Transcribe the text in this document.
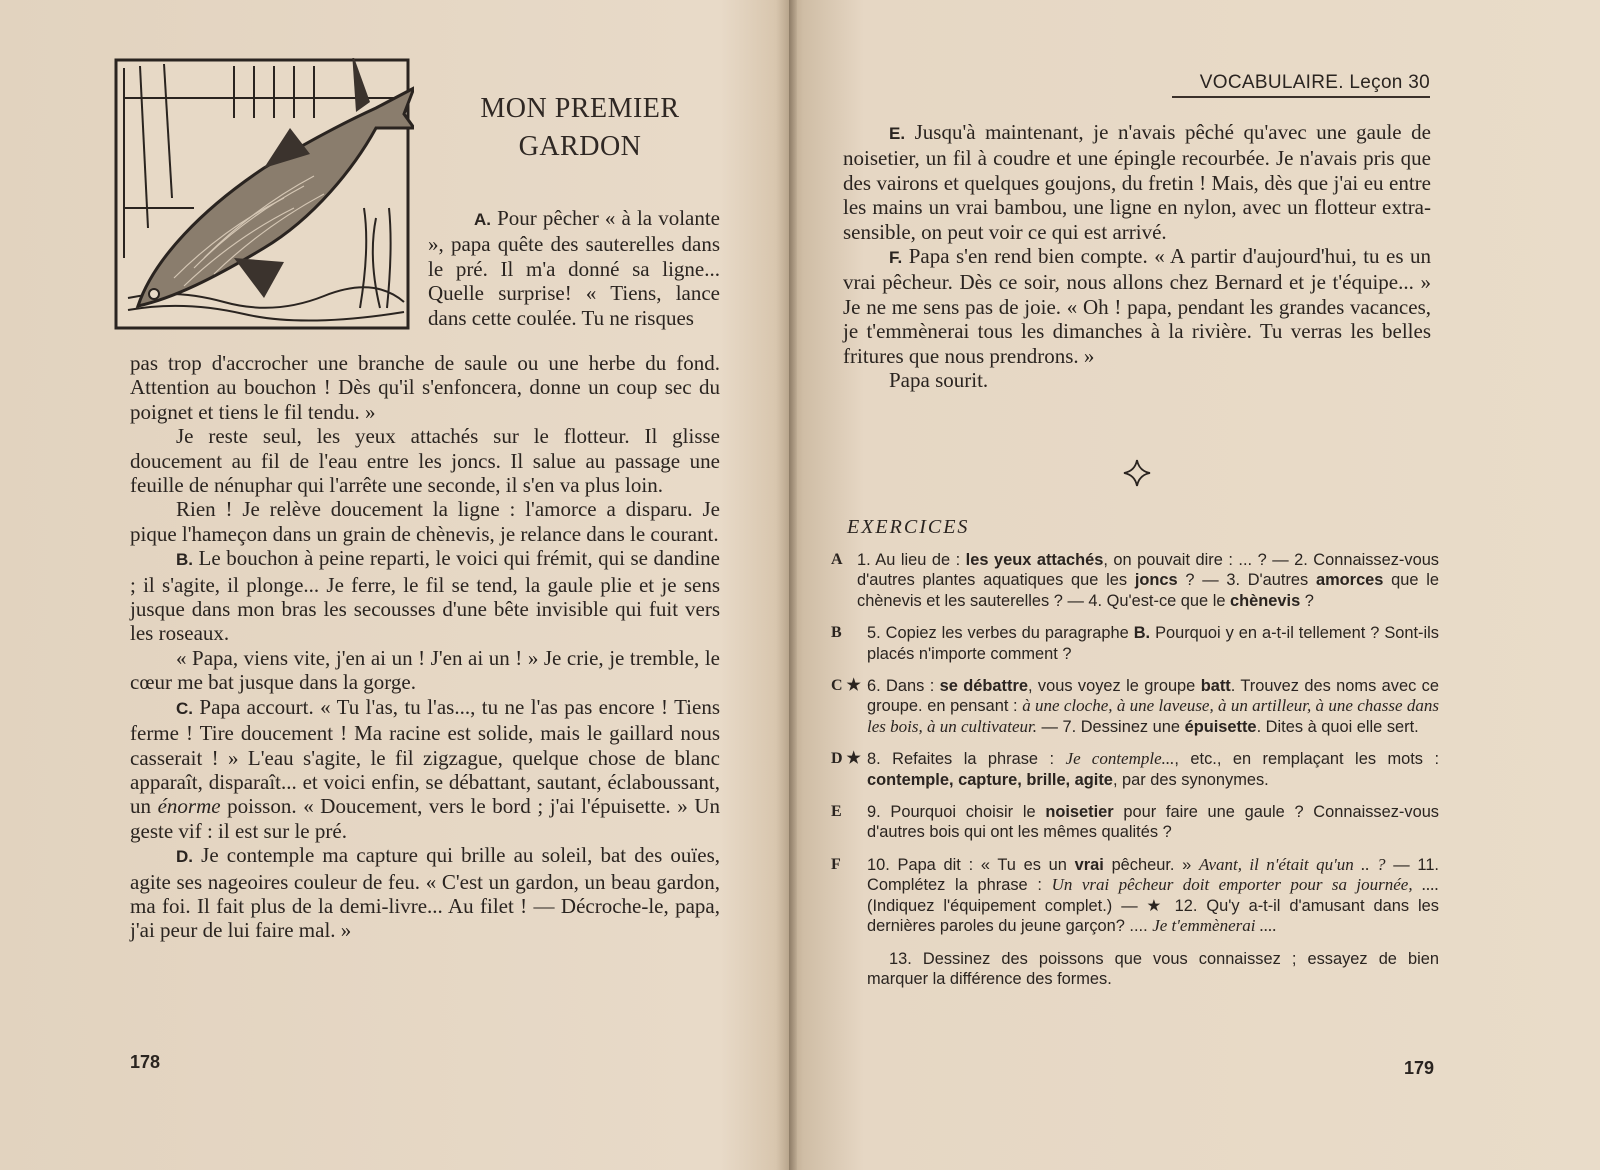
MON PREMIER
GARDON

A. Pour pêcher « à la volante », papa quête des sauterelles dans le pré. Il m'a donné sa ligne... Quelle surprise! « Tiens, lance dans cette coulée. Tu ne risques

pas trop d'accrocher une branche de saule ou une herbe du fond. Attention au bouchon ! Dès qu'il s'enfoncera, donne un coup sec du poignet et tiens le fil tendu. »

Je reste seul, les yeux attachés sur le flotteur. Il glisse doucement au fil de l'eau entre les joncs. Il salue au passage une feuille de nénuphar qui l'arrête une seconde, il s'en va plus loin.

Rien ! Je relève doucement la ligne : l'amorce a disparu. Je pique l'hameçon dans un grain de chènevis, je relance dans le courant.

B. Le bouchon à peine reparti, le voici qui frémit, qui se dandine ; il s'agite, il plonge... Je ferre, le fil se tend, la gaule plie et je sens jusque dans mon bras les secousses d'une bête invisible qui fuit vers les roseaux.

« Papa, viens vite, j'en ai un ! J'en ai un ! » Je crie, je tremble, le cœur me bat jusque dans la gorge.

C. Papa accourt. « Tu l'as, tu l'as..., tu ne l'as pas encore ! Tiens ferme ! Tire doucement ! Ma racine est solide, mais le gaillard nous casserait ! » L'eau s'agite, le fil zigzague, quelque chose de blanc apparaît, disparaît... et voici enfin, se débattant, sautant, éclaboussant, un énorme poisson. « Doucement, vers le bord ; j'ai l'épuisette. » Un geste vif : il est sur le pré.

D. Je contemple ma capture qui brille au soleil, bat des ouïes, agite ses nageoires couleur de feu. « C'est un gardon, un beau gardon, ma foi. Il fait plus de la demi-livre... Au filet ! — Décroche-le, papa, j'ai peur de lui faire mal. »

178
VOCABULAIRE. Leçon 30

E. Jusqu'à maintenant, je n'avais pêché qu'avec une gaule de noisetier, un fil à coudre et une épingle recourbée. Je n'avais pris que des vairons et quelques goujons, du fretin ! Mais, dès que j'ai eu entre les mains un vrai bambou, une ligne en nylon, avec un flotteur extra-sensible, on peut voir ce qui est arrivé.

F. Papa s'en rend bien compte. « A partir d'aujourd'hui, tu es un vrai pêcheur. Dès ce soir, nous allons chez Bernard et je t'équipe... » Je ne me sens pas de joie. « Oh ! papa, pendant les grandes vacances, je t'emmènerai tous les dimanches à la rivière. Tu verras les belles fritures que nous prendrons. »

Papa sourit.

EXERCICES
A 1. Au lieu de : les yeux attachés, on pouvait dire : ... ? — 2. Connaissez-vous d'autres plantes aquatiques que les joncs ? — 3. D'autres amorces que le chènevis et les sauterelles ? — 4. Qu'est-ce que le chènevis ?
B	5. Copiez les verbes du paragraphe B. Pourquoi y en a-t-il tellement ? Sont-ils placés n'importe comment ?
C ★ 6. Dans : se débattre, vous voyez le groupe batt. Trouvez des noms avec ce groupe. en pensant : à une cloche, à une laveuse, à un artilleur, à une chasse dans les bois, à un cultivateur. — 7. Dessinez une épuisette. Dites à quoi elle sert.
D ★ 8. Refaites la phrase : Je contemple..., etc., en remplaçant les mots : contemple, capture, brille, agite, par des synonymes.
E	9. Pourquoi choisir le noisetier pour faire une gaule ? Connaissez-vous d'autres bois qui ont les mêmes qualités ?
F	10. Papa dit : « Tu es un vrai pêcheur. » Avant, il n'était qu'un .. ? — 11. Complétez la phrase : Un vrai pêcheur doit emporter pour sa journée, .... (Indiquez l'équipement complet.) — ★ 12. Qu'y a-t-il d'amusant dans les dernières paroles du jeune garçon? .... Je t'emmènerai ....
13. Dessinez des poissons que vous connaissez ; essayez de bien marquer la différence des formes.
179
